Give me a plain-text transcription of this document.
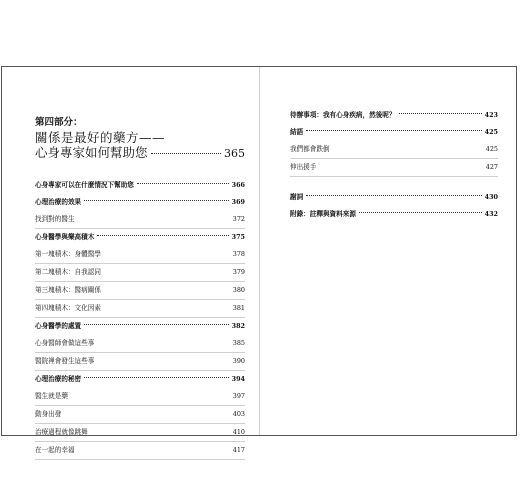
第四部分：
關係是最好的藥方——
心身專家如何幫助您	365
心身專家可以在什麼情況下幫助您	366
心理治療的效果	369
找到對的醫生	372
心身醫學與樂高積木	375
第一塊積木：身體醫學	378
第二塊積木：自我認同	379
第三塊積木：醫病關係	380
第四塊積木：文化因素	381
心身醫學的處置	382
心身醫師會做這些事	385
醫院裡會發生這些事	390
心理治療的秘密	394
醫生就是藥	397
動身出發	403
治療過程就像跳舞	410
在一起的幸福	417
待辦事項：我有心身疾病，然後呢？	423
結語	425
我們都會跌倒	425
伸出援手	427
謝詞	430
附錄：註釋與資料來源	432
